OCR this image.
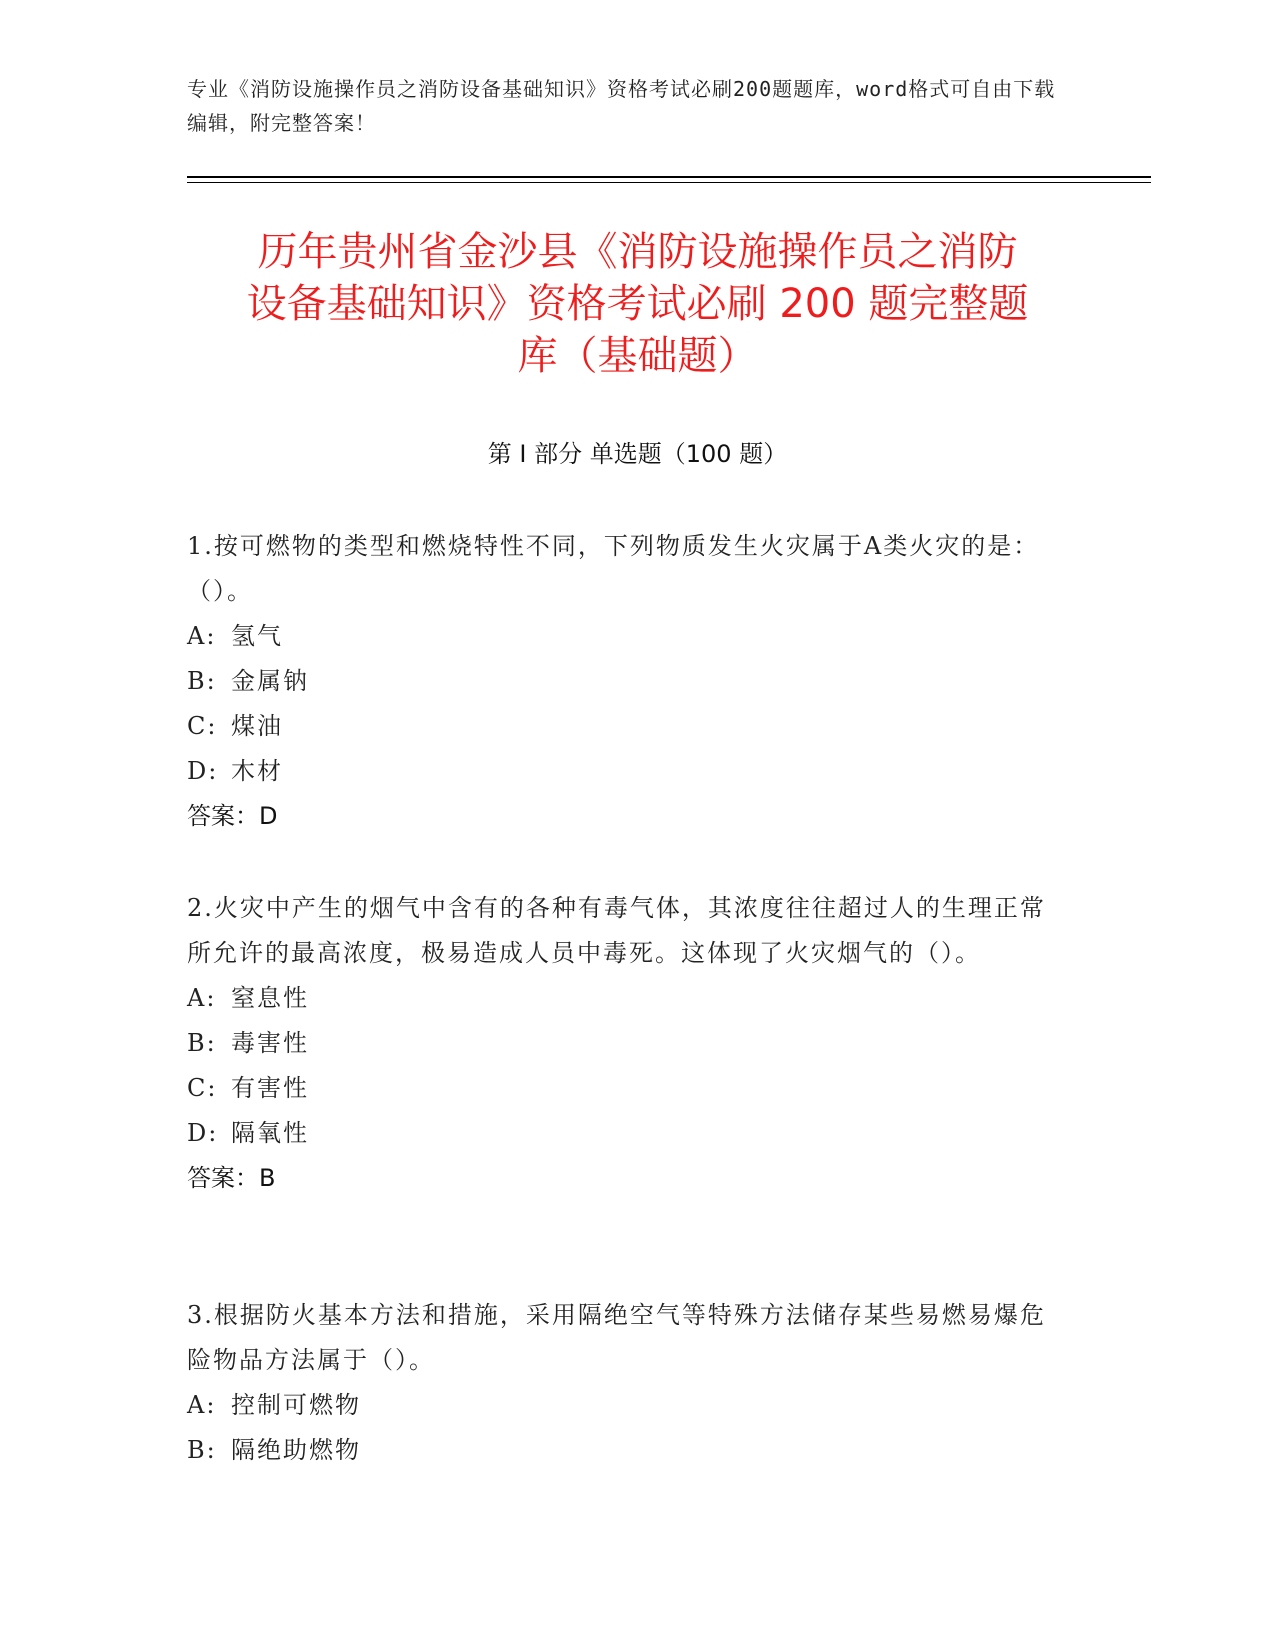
专业《消防设施操作员之消防设备基础知识》资格考试必刷200题题库，word格式可自由下载编辑，附完整答案！
历年贵州省金沙县《消防设施操作员之消防
设备基础知识》资格考试必刷 200 题完整题
库（基础题）
第 I 部分 单选题（100 题）
1.按可燃物的类型和燃烧特性不同，下列物质发生火灾属于A类火灾的是：（）。
A: 氢气
B: 金属钠
C: 煤油
D: 木材
答案：D
2.火灾中产生的烟气中含有的各种有毒气体，其浓度往往超过人的生理正常所允许的最高浓度，极易造成人员中毒死。这体现了火灾烟气的（）。
A: 窒息性
B: 毒害性
C: 有害性
D: 隔氧性
答案：B
3.根据防火基本方法和措施，采用隔绝空气等特殊方法储存某些易燃易爆危险物品方法属于（）。
A: 控制可燃物
B: 隔绝助燃物
